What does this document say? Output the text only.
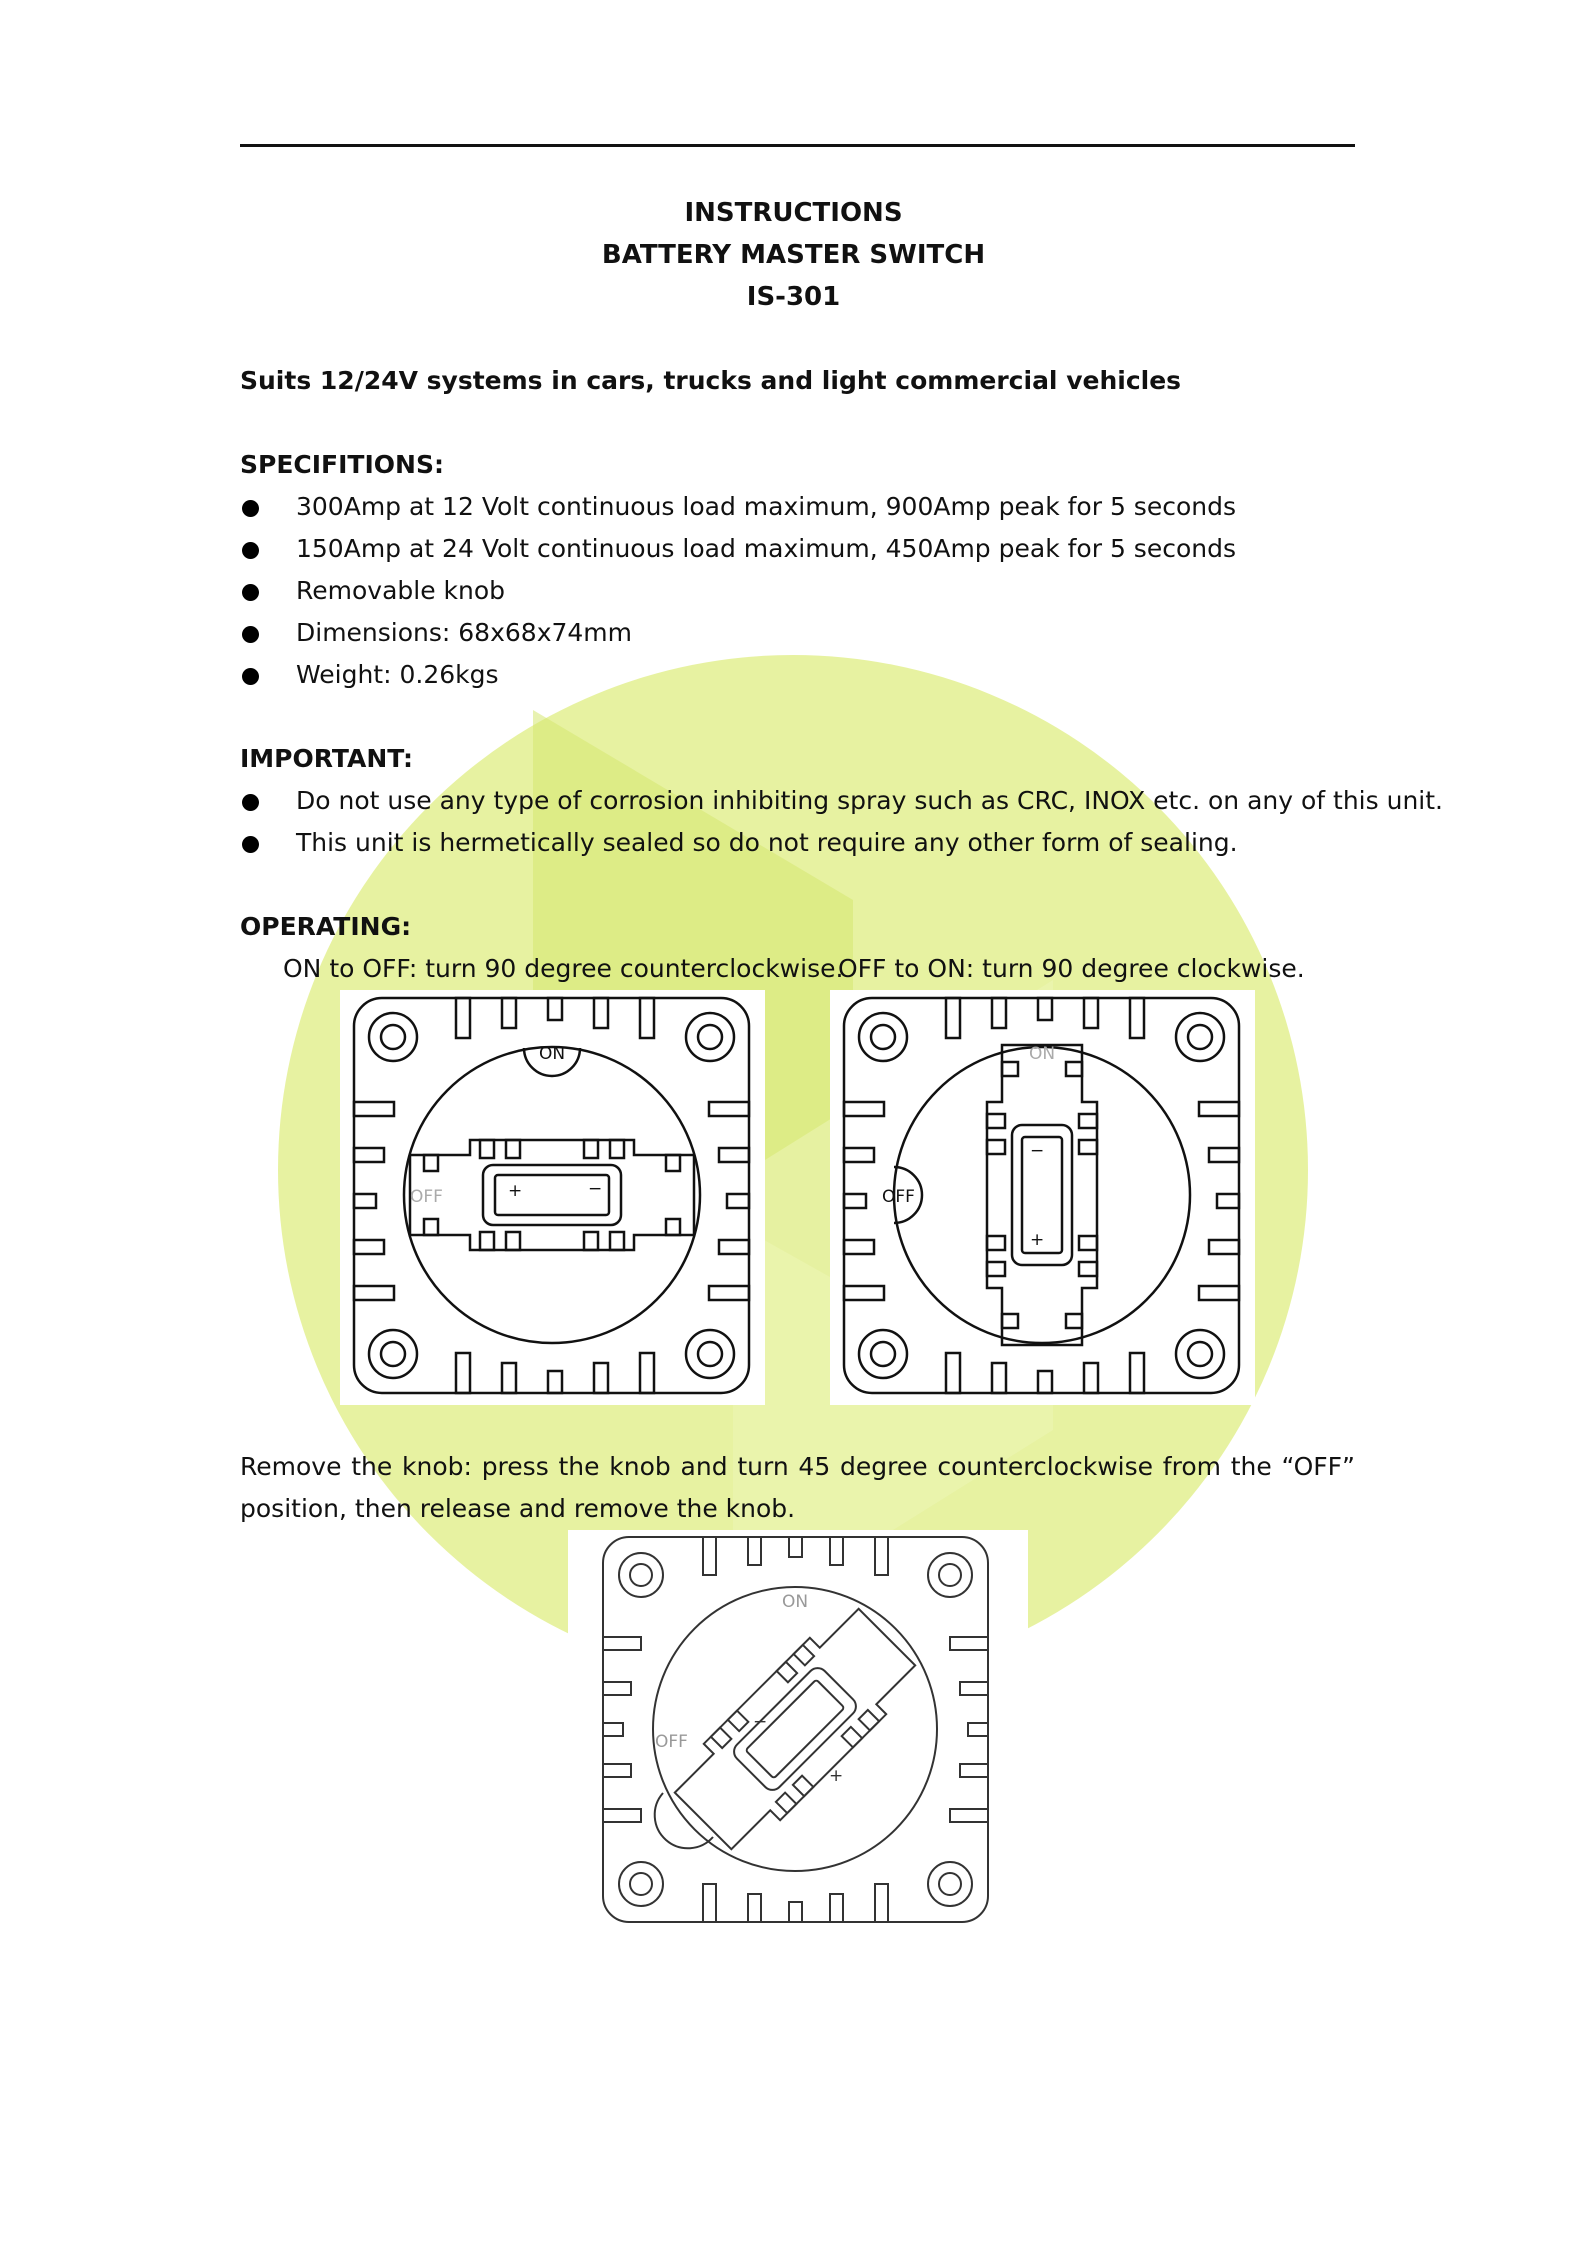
INSTRUCTIONS
BATTERY MASTER SWITCH
IS-301
Suits 12/24V systems in cars, trucks and light commercial vehicles
SPECIFITIONS:
300Amp at 12 Volt continuous load maximum, 900Amp peak for 5 seconds
150Amp at 24 Volt continuous load maximum, 450Amp peak for 5 seconds
Removable knob
Dimensions: 68x68x74mm
Weight: 0.26kgs
IMPORTANT:
Do not use any type of corrosion inhibiting spray such as CRC, INOX etc. on any of this unit.
This unit is hermetically sealed so do not require any other form of sealing.
OPERATING:
ON to OFF: turn 90 degree counterclockwise.
OFF to ON: turn 90 degree clockwise.
ON
OFF	+	−
ON
OFF
+
−
Remove the knob: press the knob and turn 45 degree counterclockwise from the “OFF” position, then release and remove the knob.
ON
OFF
−
+
